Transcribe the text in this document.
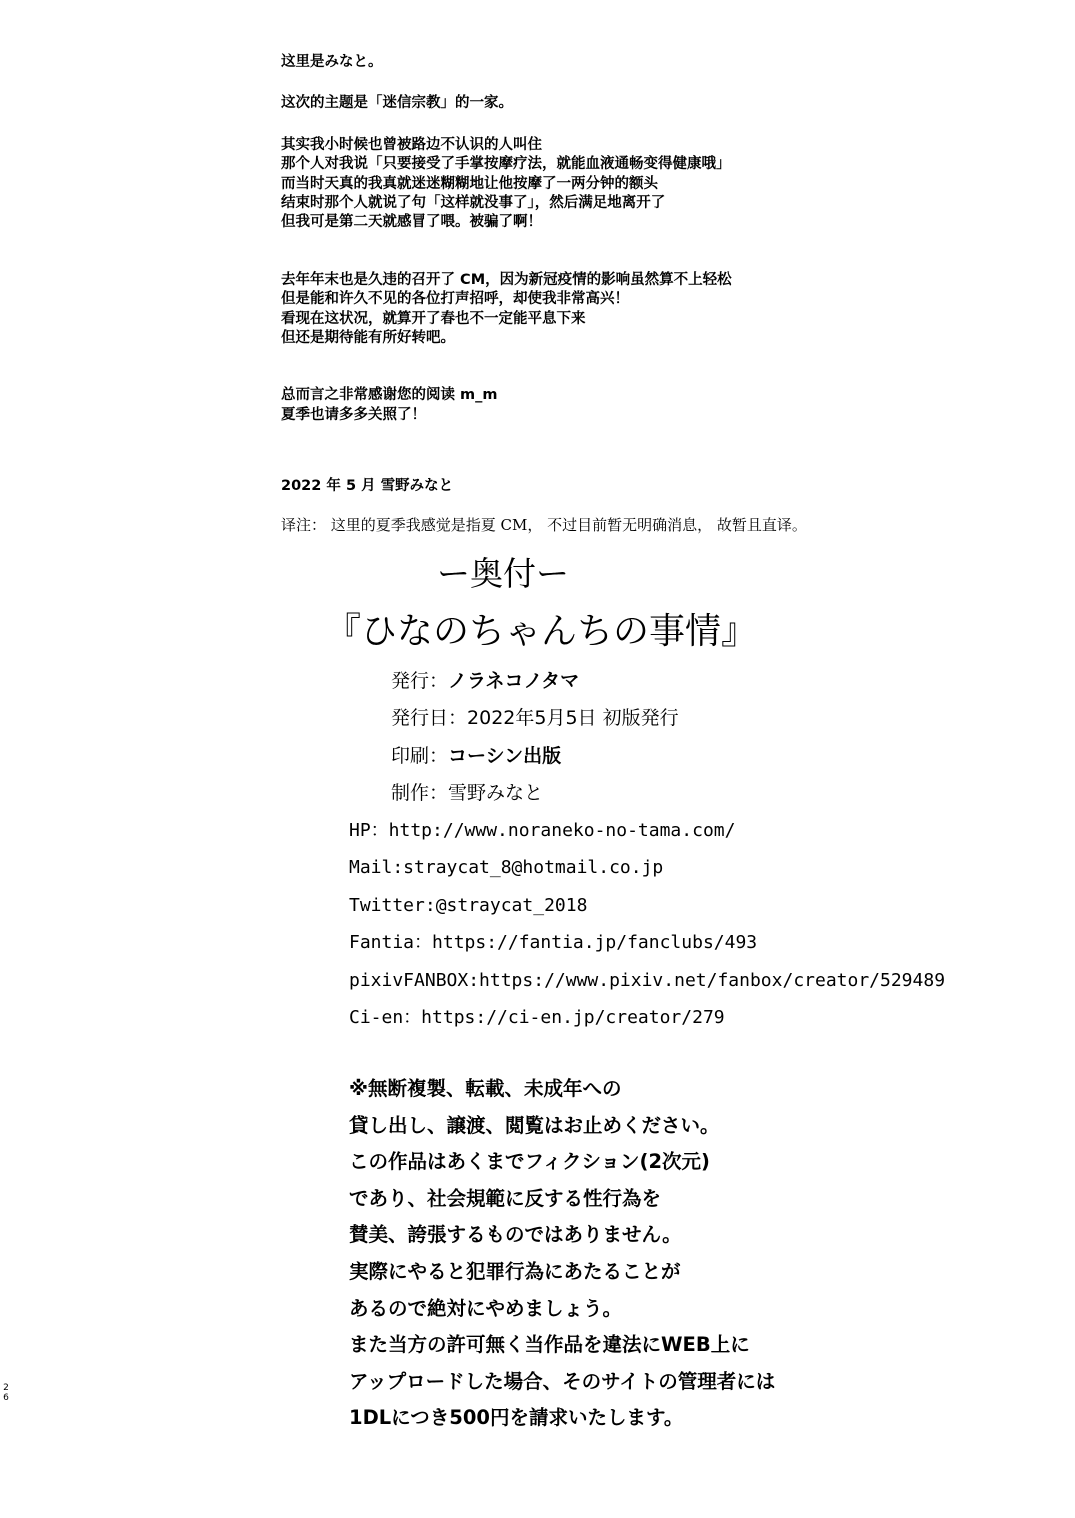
这里是みなと。
这次的主题是「迷信宗教」的一家。
其实我小时候也曾被路边不认识的人叫住
那个人对我说「只要接受了手掌按摩疗法，就能血液通畅变得健康哦」
而当时天真的我真就迷迷糊糊地让他按摩了一两分钟的额头
结束时那个人就说了句「这样就没事了」，然后满足地离开了
但我可是第二天就感冒了喂。被骗了啊！
去年年末也是久违的召开了 CM，因为新冠疫情的影响虽然算不上轻松
但是能和许久不见的各位打声招呼，却使我非常高兴！
看现在这状况，就算开了春也不一定能平息下来
但还是期待能有所好转吧。
总而言之非常感谢您的阅读 m_m
夏季也请多多关照了！
2022 年 5 月 雪野みなと
译注： 这里的夏季我感觉是指夏 CM， 不过目前暂无明确消息， 故暂且直译。
ー奥付ー
『ひなのちゃんちの事情』
発行：ノラネコノタマ
発行日：2022年5月5日 初版発行
印刷：コーシン出版
制作：雪野みなと
HP：http://www.noraneko-no-tama.com/
Mail:straycat_8@hotmail.co.jp
Twitter:@straycat_2018
Fantia：https://fantia.jp/fanclubs/493
pixivFANBOX:https://www.pixiv.net/fanbox/creator/529489
Ci-en：https://ci-en.jp/creator/279
※無断複製、転載、未成年への
貸し出し、譲渡、閲覧はお止めください。
この作品はあくまでフィクション(2次元)
であり、社会規範に反する性行為を
賛美、誇張するものではありません。
実際にやると犯罪行為にあたることが
あるので絶対にやめましょう。
また当方の許可無く当作品を違法にWEB上に
アップロードした場合、そのサイトの管理者には
1DLにつき500円を請求いたします。
2
6
